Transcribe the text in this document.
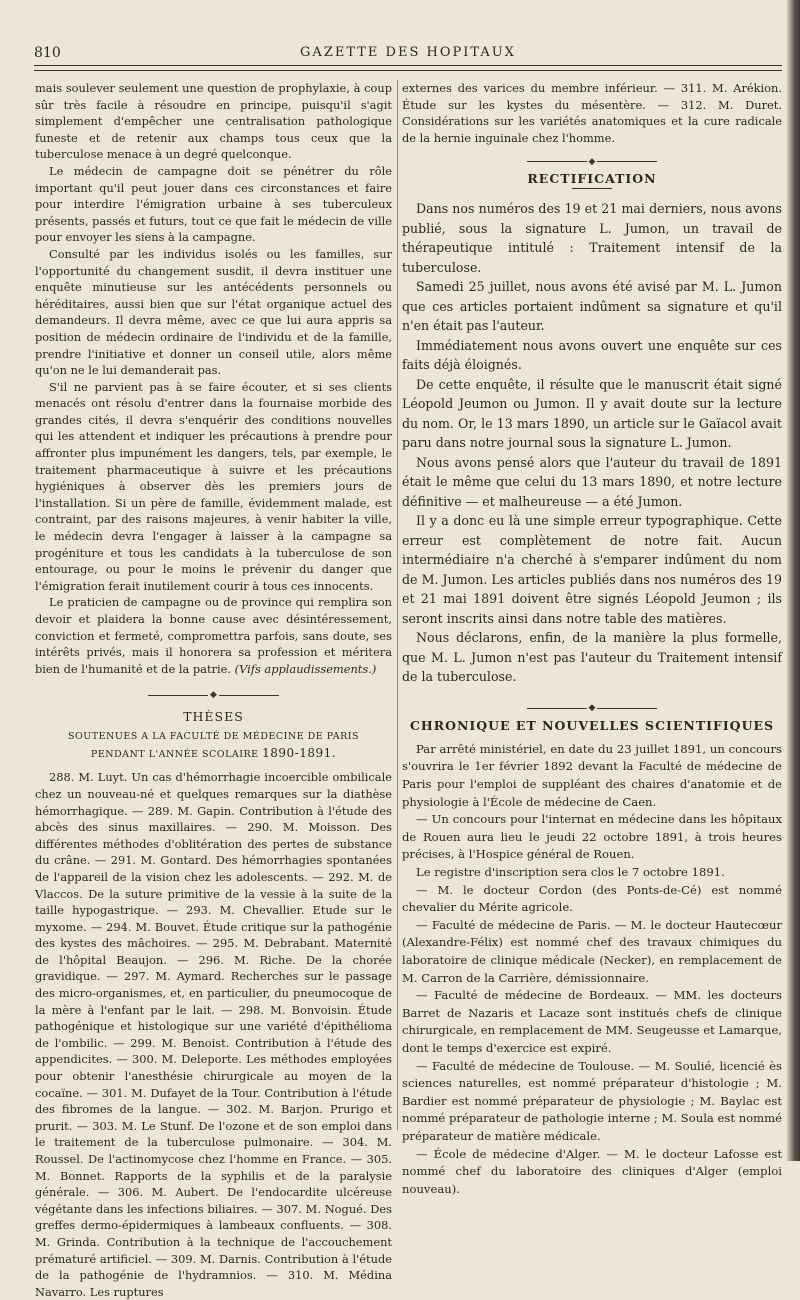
810	GAZETTE DES HOPITAUX

mais soulever seulement une question de prophylaxie, à coup sûr très facile à résoudre en principe, puisqu'il s'agit simplement d'empêcher une centralisation pathologique funeste et de retenir aux champs tous ceux que la tuberculose menace à un degré quelconque.

Le médecin de campagne doit se pénétrer du rôle important qu'il peut jouer dans ces circonstances et faire pour interdire l'émigration urbaine à ses tuberculeux présents, passés et futurs, tout ce que fait le médecin de ville pour envoyer les siens à la campagne.

Consulté par les individus isolés ou les familles, sur l'opportunité du changement susdit, il devra instituer une enquête minutieuse sur les antécédents personnels ou héréditaires, aussi bien que sur l'état organique actuel des demandeurs. Il devra même, avec ce que lui aura appris sa position de médecin ordinaire de l'individu et de la famille, prendre l'initiative et donner un conseil utile, alors même qu'on ne le lui demanderait pas.

S'il ne parvient pas à se faire écouter, et si ses clients menacés ont résolu d'entrer dans la fournaise morbide des grandes cités, il devra s'enquérir des conditions nouvelles qui les attendent et indiquer les précautions à prendre pour affronter plus impunément les dangers, tels, par exemple, le traitement pharmaceutique à suivre et les précautions hygiéniques à observer dès les premiers jours de l'installation. Si un père de famille, évidemment malade, est contraint, par des raisons majeures, à venir habiter la ville, le médecin devra l'engager à laisser à la campagne sa progéniture et tous les candidats à la tuberculose de son entourage, ou pour le moins le prévenir du danger que l'émigration ferait inutilement courir à tous ces innocents.

Le praticien de campagne ou de province qui remplira son devoir et plaidera la bonne cause avec désintéressement, conviction et fermeté, compromettra parfois, sans doute, ses intérêts privés, mais il honorera sa profession et méritera bien de l'humanité et de la patrie. (Vifs applaudissements.)

◆
THÈSES
SOUTENUES A LA FACULTÉ DE MÉDECINE DE PARIS
PENDANT L'ANNÉE SCOLAIRE 1890-1891.

288. M. Luyt. Un cas d'hémorrhagie incoercible ombilicale chez un nouveau-né et quelques remarques sur la diathèse hémorrhagique. — 289. M. Gapin. Contribution à l'étude des abcès des sinus maxillaires. — 290. M. Moisson. Des différentes méthodes d'oblitération des pertes de substance du crâne. — 291. M. Gontard. Des hémorrhagies spontanées de l'appareil de la vision chez les adolescents. — 292. M. de Vlaccos. De la suture primitive de la vessie à la suite de la taille hypogastrique. — 293. M. Chevallier. Etude sur le myxome. — 294. M. Bouvet. Étude critique sur la pathogénie des kystes des mâchoires. — 295. M. Debrabant. Maternité de l'hôpital Beaujon. — 296. M. Riche. De la chorée gravidique. — 297. M. Aymard. Recherches sur le passage des micro-organismes, et, en particulier, du pneumocoque de la mère à l'enfant par le lait. — 298. M. Bonvoisin. Étude pathogénique et histologique sur une variété d'épithélioma de l'ombilic. — 299. M. Benoist. Contribution à l'étude des appendicites. — 300. M. Deleporte. Les méthodes employées pour obtenir l'anesthésie chirurgicale au moyen de la cocaïne. — 301. M. Dufayet de la Tour. Contribution à l'étude des fibromes de la langue. — 302. M. Barjon. Prurigo et prurit. — 303. M. Le Stunf. De l'ozone et de son emploi dans le traitement de la tuberculose pulmonaire. — 304. M. Roussel. De l'actinomycose chez l'homme en France. — 305. M. Bonnet. Rapports de la syphilis et de la paralysie générale. — 306. M. Aubert. De l'endocardite ulcéreuse végétante dans les infections biliaires. — 307. M. Nogué. Des greffes dermo-épidermiques à lambeaux confluents. — 308. M. Grinda. Contribution à la technique de l'accouchement prématuré artificiel. — 309. M. Darnis. Contribution à l'étude de la pathogénie de l'hydramnios. — 310. M. Médina Navarro. Les ruptures

externes des varices du membre inférieur. — 311. M. Arékion. Étude sur les kystes du mésentère. — 312. M. Duret. Considérations sur les variétés anatomiques et la cure radicale de la hernie inguinale chez l'homme.

◆
RECTIFICATION

Dans nos numéros des 19 et 21 mai derniers, nous avons publié, sous la signature L. Jumon, un travail de thérapeutique intitulé : Traitement intensif de la tuberculose.

Samedi 25 juillet, nous avons été avisé par M. L. Jumon que ces articles portaient indûment sa signature et qu'il n'en était pas l'auteur.

Immédiatement nous avons ouvert une enquête sur ces faits déjà éloignés.

De cette enquête, il résulte que le manuscrit était signé Léopold Jeumon ou Jumon. Il y avait doute sur la lecture du nom. Or, le 13 mars 1890, un article sur le Gaïacol avait paru dans notre journal sous la signature L. Jumon.

Nous avons pensé alors que l'auteur du travail de 1891 était le même que celui du 13 mars 1890, et notre lecture définitive — et malheureuse — a été Jumon.

Il y a donc eu là une simple erreur typographique. Cette erreur est complètement de notre fait. Aucun intermédiaire n'a cherché à s'emparer indûment du nom de M. Jumon. Les articles publiés dans nos numéros des 19 et 21 mai 1891 doivent être signés Léopold Jeumon ; ils seront inscrits ainsi dans notre table des matières.

Nous déclarons, enfin, de la manière la plus formelle, que M. L. Jumon n'est pas l'auteur du Traitement intensif de la tuberculose.

◆
CHRONIQUE ET NOUVELLES SCIENTIFIQUES

Par arrêté ministériel, en date du 23 juillet 1891, un concours s'ouvrira le 1er février 1892 devant la Faculté de médecine de Paris pour l'emploi de suppléant des chaires d'anatomie et de physiologie à l'École de médecine de Caen.

— Un concours pour l'internat en médecine dans les hôpitaux de Rouen aura lieu le jeudi 22 octobre 1891, à trois heures précises, à l'Hospice général de Rouen.

Le registre d'inscription sera clos le 7 octobre 1891.

— M. le docteur Cordon (des Ponts-de-Cé) est nommé chevalier du Mérite agricole.

— Faculté de médecine de Paris. — M. le docteur Hautecœur (Alexandre-Félix) est nommé chef des travaux chimiques du laboratoire de clinique médicale (Necker), en remplacement de M. Carron de la Carrière, démissionnaire.

— Faculté de médecine de Bordeaux. — MM. les docteurs Barret de Nazaris et Lacaze sont institués chefs de clinique chirurgicale, en remplacement de MM. Seugeusse et Lamarque, dont le temps d'exercice est expiré.

— Faculté de médecine de Toulouse. — M. Soulié, licencié ès sciences naturelles, est nommé préparateur d'histologie ; M. Bardier est nommé préparateur de physiologie ; M. Baylac est nommé préparateur de pathologie interne ; M. Soula est nommé préparateur de matière médicale.

— École de médecine d'Alger. — M. le docteur Lafosse est nommé chef du laboratoire des cliniques d'Alger (emploi nouveau).
